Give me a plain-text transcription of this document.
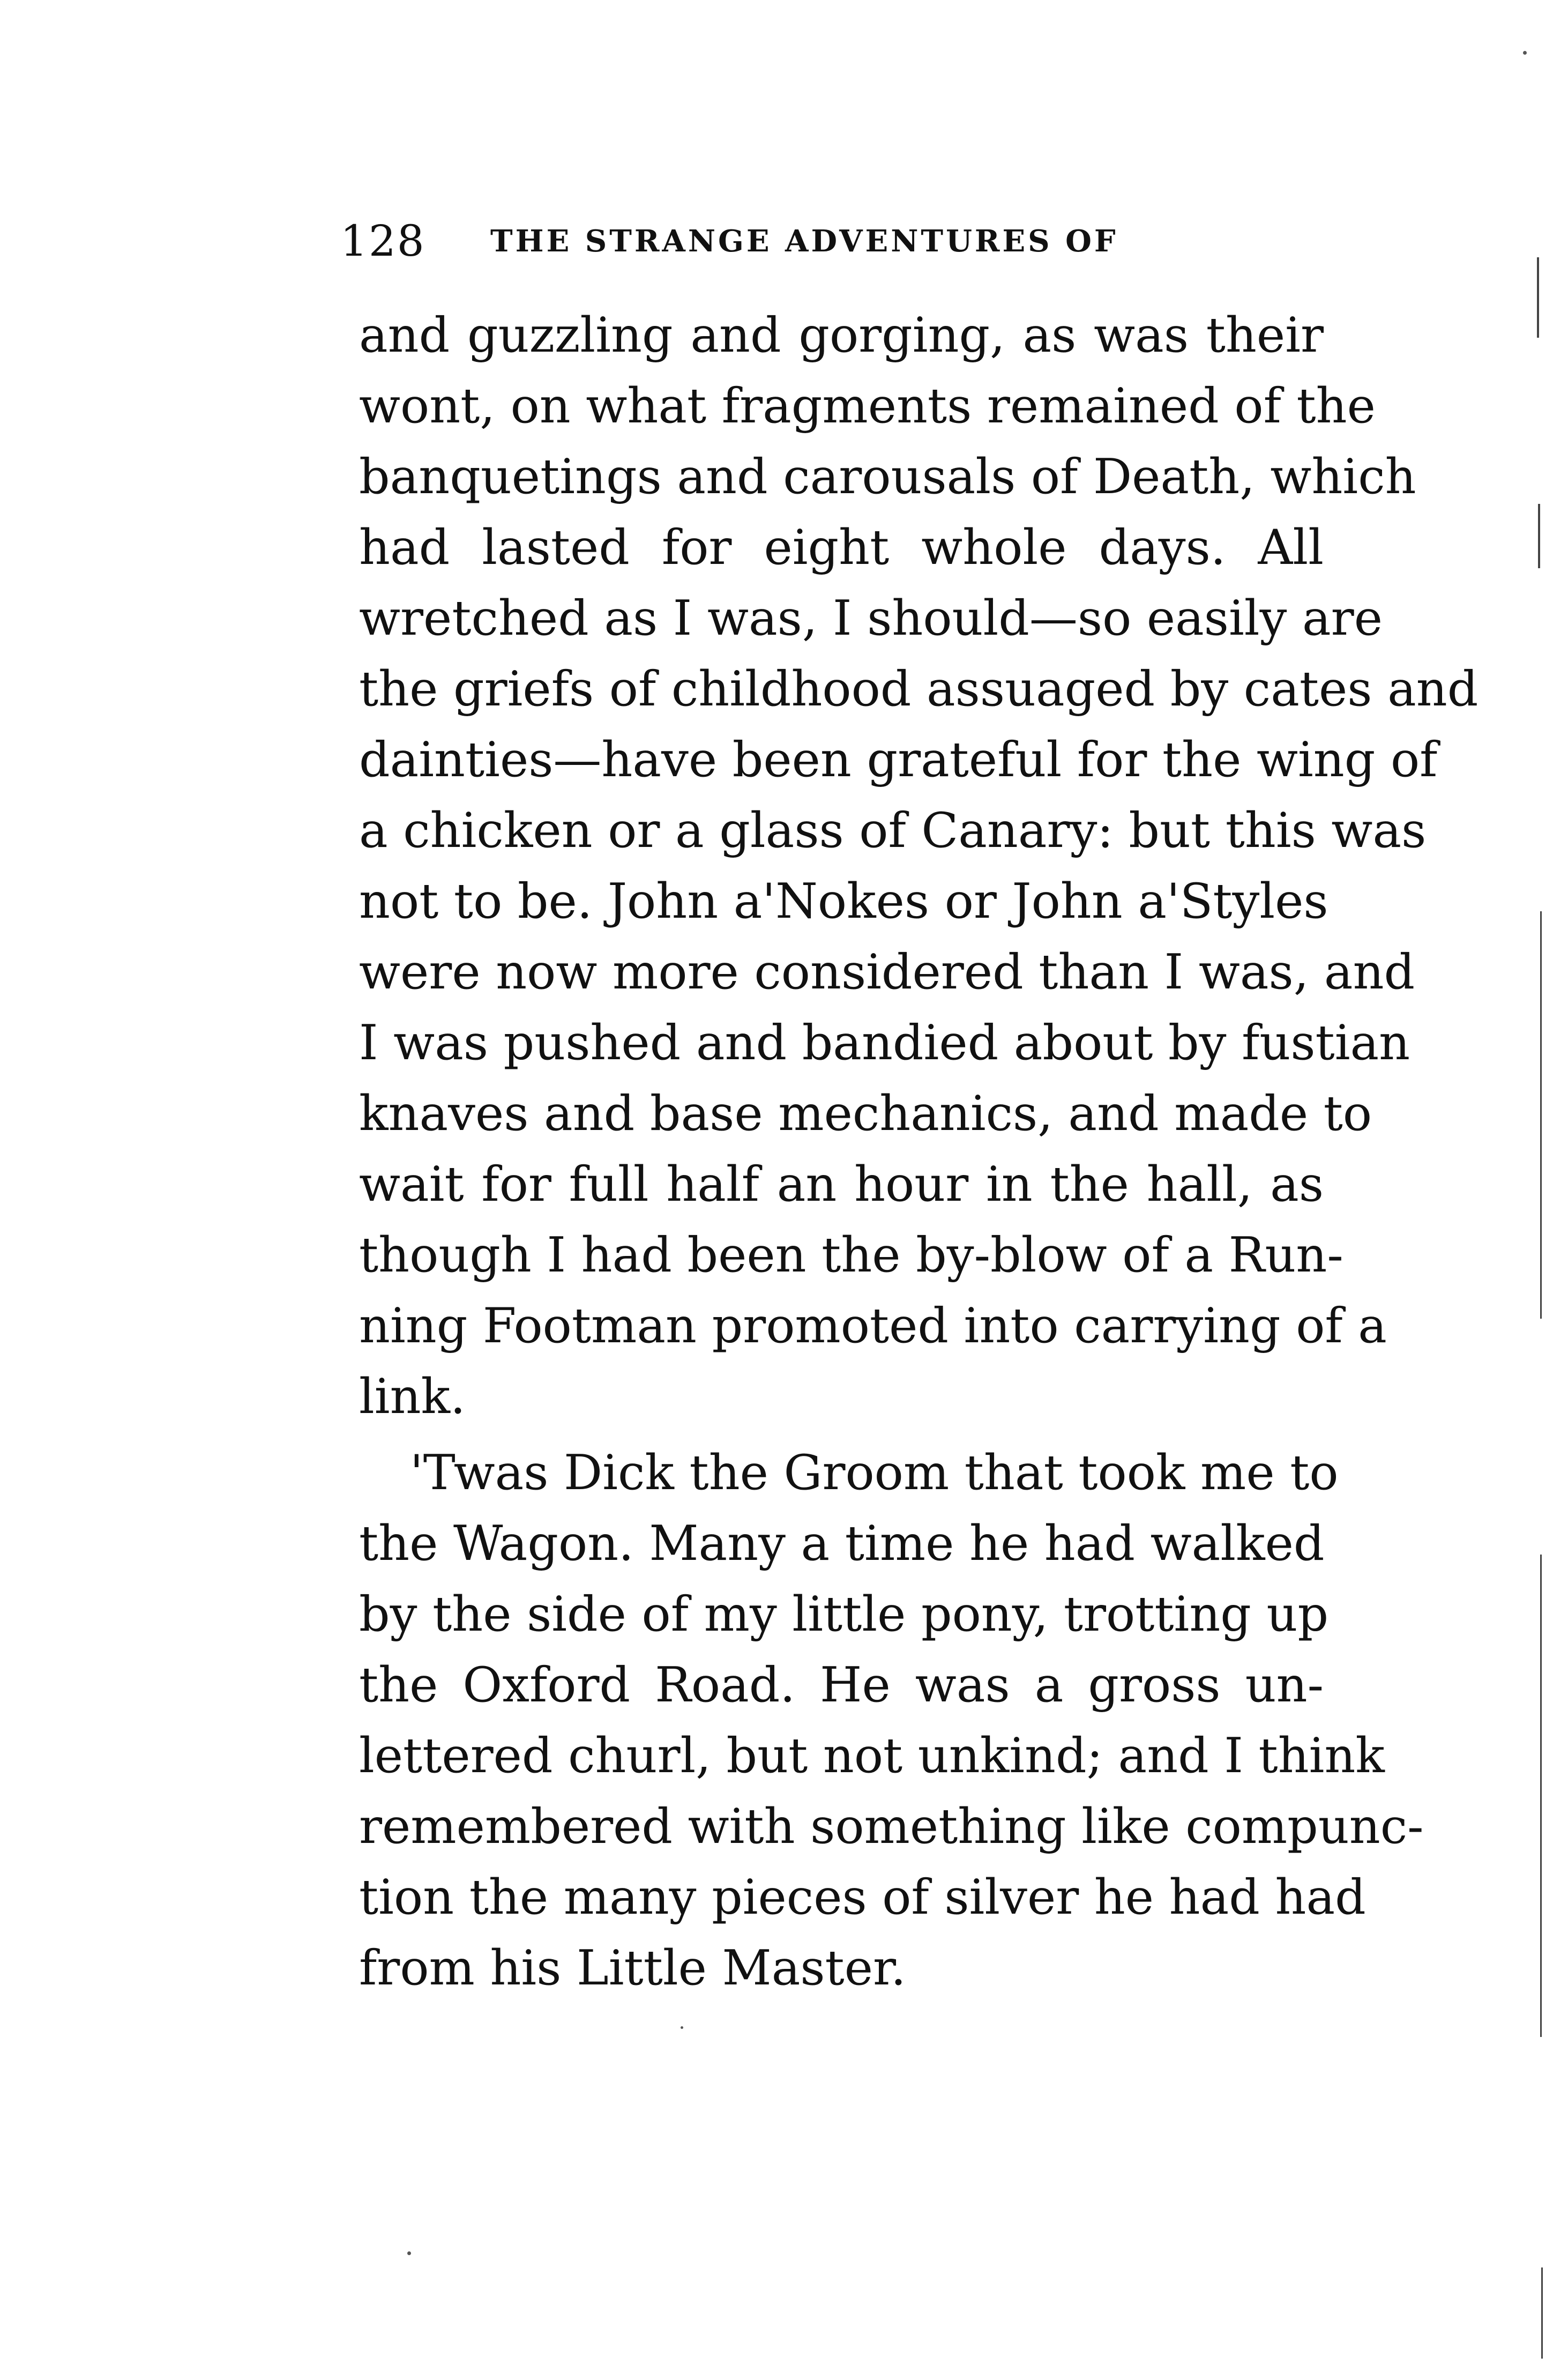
128 THE STRANGE ADVENTURES OF
and guzzling and gorging, as was their
wont, on what fragments remained of the
banquetings and carousals of Death, which
had lasted for eight whole days. All
wretched as I was, I should—so easily are
the griefs of childhood assuaged by cates and
dainties—have been grateful for the wing of
a chicken or a glass of Canary: but this was
not to be. John a'Nokes or John a'Styles
were now more considered than I was, and
I was pushed and bandied about by fustian
knaves and base mechanics, and made to
wait for full half an hour in the hall, as
though I had been the by-blow of a Run-
ning Footman promoted into carrying of a
link.
'Twas Dick the Groom that took me to
the Wagon. Many a time he had walked
by the side of my little pony, trotting up
the Oxford Road. He was a gross un-
lettered churl, but not unkind; and I think
remembered with something like compunc-
tion the many pieces of silver he had had
from his Little Master.
